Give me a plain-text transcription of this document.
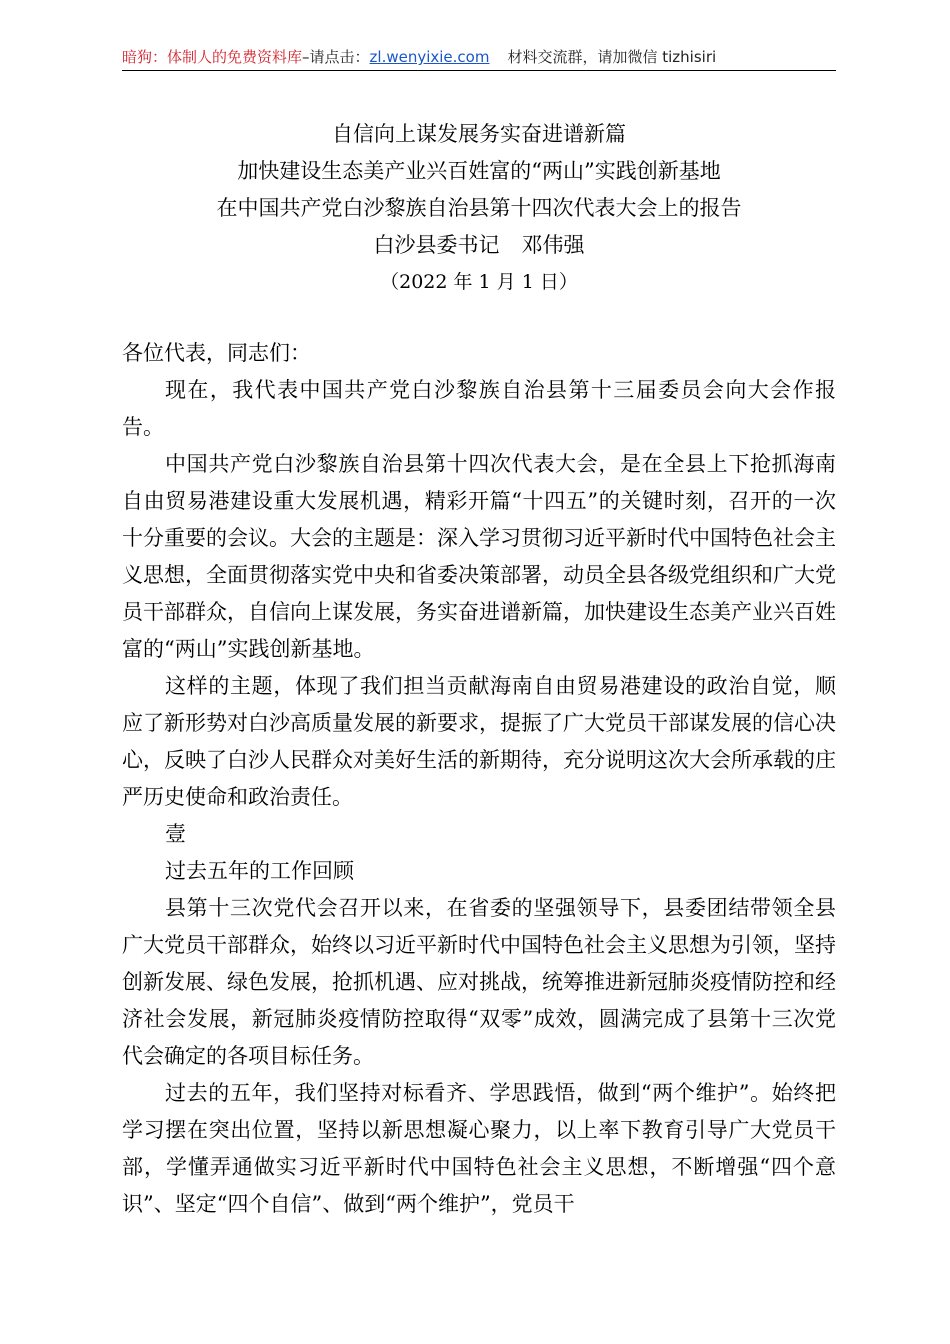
暗狗：体制人的免费资料库–请点击：zl.wenyixie.com 材料交流群，请加微信 tizhisiri
自信向上谋发展务实奋进谱新篇
加快建设生态美产业兴百姓富的“两山”实践创新基地
在中国共产党白沙黎族自治县第十四次代表大会上的报告
白沙县委书记 邓伟强
（2022 年 1 月 1 日）

各位代表，同志们：

现在，我代表中国共产党白沙黎族自治县第十三届委员会向大会作报告。

中国共产党白沙黎族自治县第十四次代表大会，是在全县上下抢抓海南自由贸易港建设重大发展机遇，精彩开篇“十四五”的关键时刻，召开的一次十分重要的会议。大会的主题是：深入学习贯彻习近平新时代中国特色社会主义思想，全面贯彻落实党中央和省委决策部署，动员全县各级党组织和广大党员干部群众，自信向上谋发展，务实奋进谱新篇，加快建设生态美产业兴百姓富的“两山”实践创新基地。

这样的主题，体现了我们担当贡献海南自由贸易港建设的政治自觉，顺应了新形势对白沙高质量发展的新要求，提振了广大党员干部谋发展的信心决心，反映了白沙人民群众对美好生活的新期待，充分说明这次大会所承载的庄严历史使命和政治责任。

壹

过去五年的工作回顾

县第十三次党代会召开以来，在省委的坚强领导下，县委团结带领全县广大党员干部群众，始终以习近平新时代中国特色社会主义思想为引领，坚持创新发展、绿色发展，抢抓机遇、应对挑战，统筹推进新冠肺炎疫情防控和经济社会发展，新冠肺炎疫情防控取得“双零”成效，圆满完成了县第十三次党代会确定的各项目标任务。

过去的五年，我们坚持对标看齐、学思践悟，做到“两个维护”。始终把学习摆在突出位置，坚持以新思想凝心聚力，以上率下教育引导广大党员干部，学懂弄通做实习近平新时代中国特色社会主义思想，不断增强“四个意识”、坚定“四个自信”、做到“两个维护”，党员干
